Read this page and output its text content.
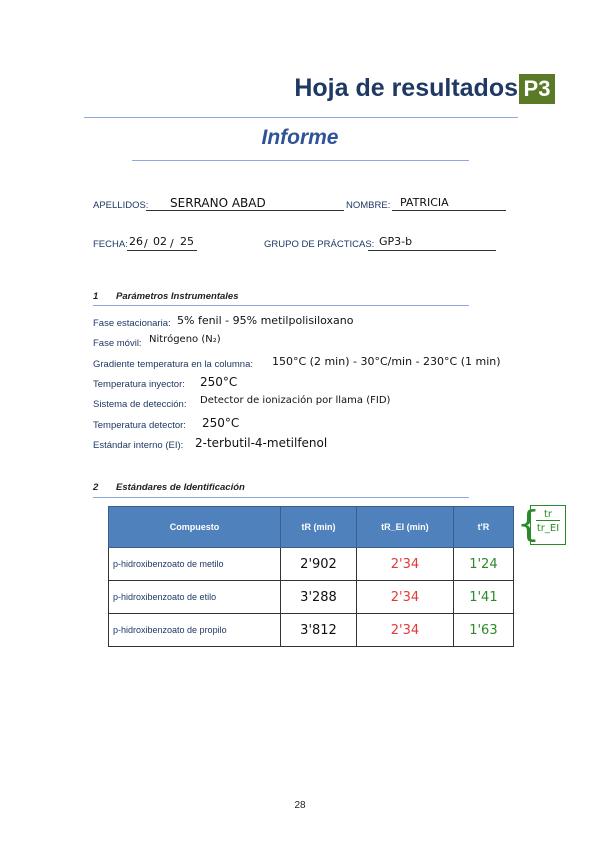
Hoja de resultados P3
Informe
APELLIDOS: SERRANO ABAD	NOMBRE: PATRICIA
FECHA: 26 / 02 / 25	GRUPO DE PRÁCTICAS: GP3-b
1 Parámetros Instrumentales
Fase estacionaria: 5% fenil - 95% metilpolisiloxano
Fase móvil: Nitrógeno (N₂)
Gradiente temperatura en la columna: 150°C (2 min) - 30°C/min - 230°C (1 min)
Temperatura inyector: 250°C
Sistema de detección: Detector de ionización por llama (FID)
Temperatura detector: 250°C
Estándar interno (EI): 2-terbutil-4-metilfenol
2 Estándares de Identificación
Compuesto	tR (min)	tR_EI (min)	t'R
p-hidroxibenzoato de metilo	2'902	2'34	1'24
p-hidroxibenzoato de etilo	3'288	2'34	1'41
p-hidroxibenzoato de propilo	3'812	2'34	1'63
{
$\frac{tr}{tr\_EI}$
28
